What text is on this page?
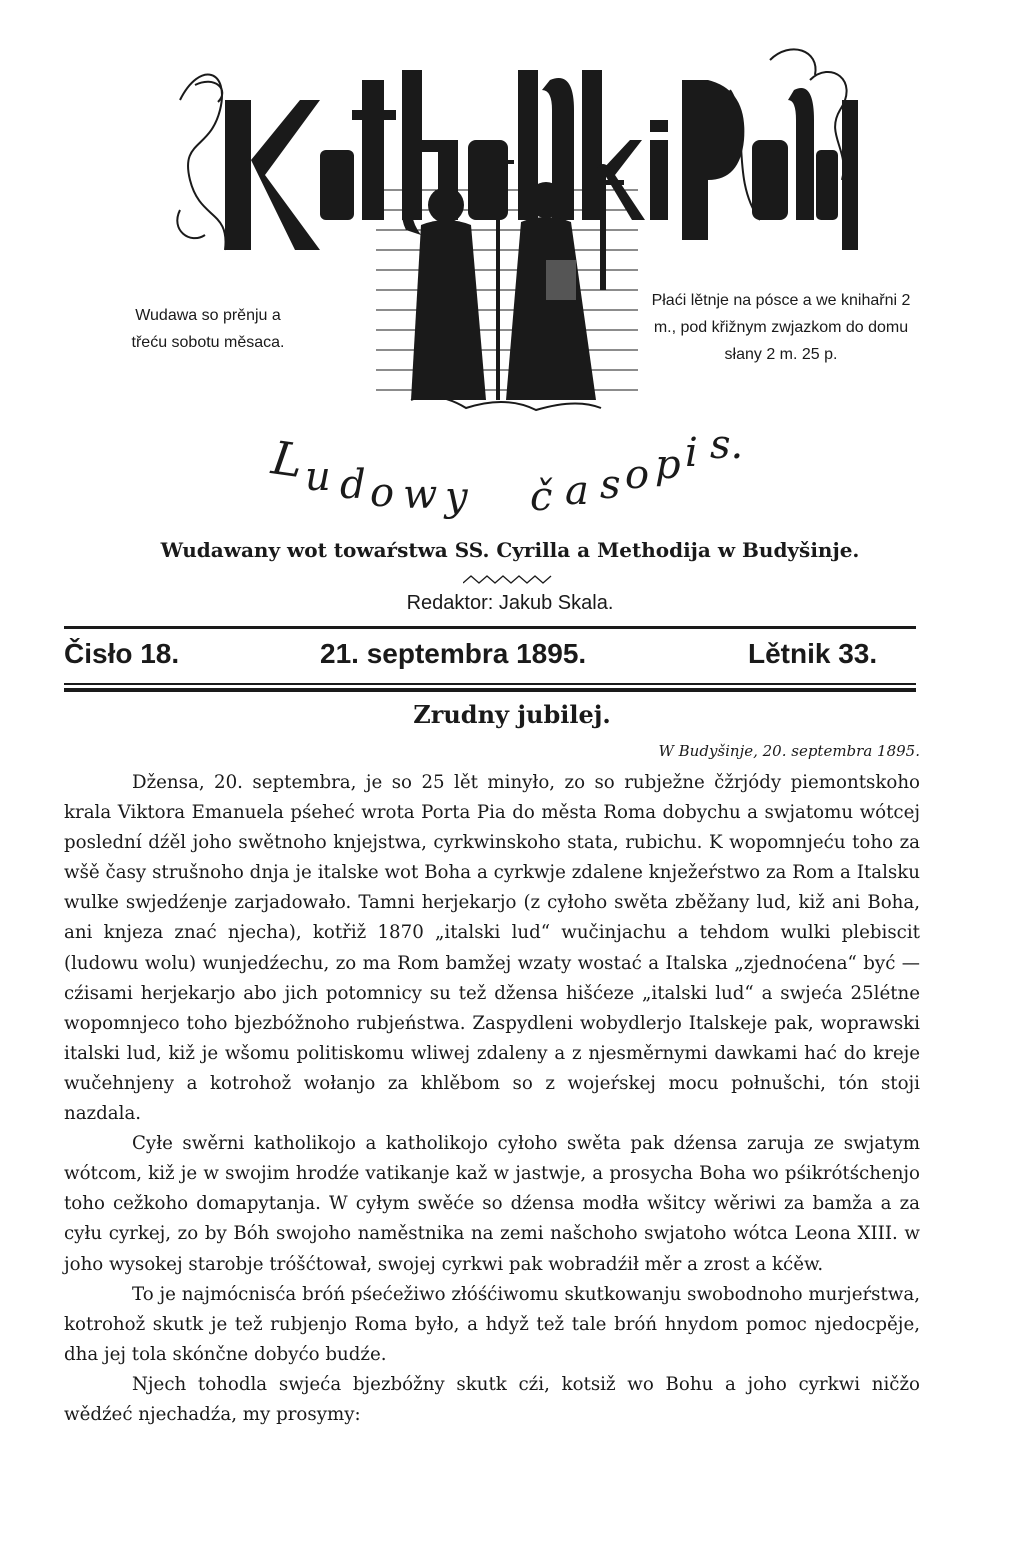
Wudawa so prěnju a třeću sobotu měsaca.
Płaći lětnje na pósce a we knihařni 2 m., pod křižnym zwjazkom do domu słany 2 m. 25 p.
L
u d o w y č a s o p i s.
Wudawany wot towaŕstwa SS. Cyrilla a Methodija w Budyšinje.
Redaktor: Jakub Skala.
Čisło 18.	21. septembra 1895.	Lětnik 33.
Zrudny jubilej.
W Budyšinje, 20. septembra 1895.

Džensa, 20. septembra, je so 25 lět minyło, zo so rubježne čžrjódy piemontskoho krala Viktora Emanuela pśeheć wrota Porta Pia do města Roma dobychu a swjatomu wótcej poslední dźěl joho swětnoho knjejstwa, cyrkwinskoho stata, rubichu. K wopomnjeću toho za wšě časy strušnoho dnja je italske wot Boha a cyrkwje zdalene knježeŕstwo za Rom a Italsku wulke swjedźenje zarjadowało. Tamni herjekarjo (z cyłoho swěta zběžany lud, kiž ani Boha, ani knjeza znać njecha), kotřiž 1870 „italski lud“ wučinjachu a tehdom wulki plebiscit (ludowu wolu) wunjedźechu, zo ma Rom bamžej wzaty wostać a Italska „zjednoćena“ być — cźisami herjekarjo abo jich potomnicy su tež džensa hišćeze „italski lud“ a swjeća 25létne wopomnjeco toho bjezbóžnoho rubjeństwa. Zaspydleni wobydlerjo Italskeje pak, woprawski italski lud, kiž je wšomu politiskomu wliwej zdaleny a z njesměrnymi dawkami hać do kreje wučehnjeny a kotrohož wołanjo za khlěbom so z wojeŕskej mocu połnušchi, tón stoji nazdala.

Cyłe swěrni katholikojo a katholikojo cyłoho swěta pak dźensa zaruja ze swjatym wótcom, kiž je w swojim hrodźe vatikanje kaž w jastwje, a prosycha Boha wo pśikrótśchenjo toho cežkoho domapytanja. W cyłym swěće so dźensa modła wšitcy wěriwi za bamža a za cyłu cyrkej, zo by Bóh swojoho naměstnika na zemi našchoho swjatoho wótca Leona XIII. w joho wysokej starobje tróšćtował, swojej cyrkwi pak wobradźił měr a zrost a kćěw.

To je najmócnisća bróń pśećežiwo złóśćiwomu skutkowanju swobodnoho murjeŕstwa, kotrohož skutk je tež rubjenjo Roma było, a hdyž tež tale bróń hnydom pomoc njedocpěje, dha jej tola skónčne dobyćo budźe.

Njech tohodla swjeća bjezbóžny skutk cźi, kotsiž wo Bohu a joho cyrkwi ničžo wědźeć njechadźa, my prosymy:
